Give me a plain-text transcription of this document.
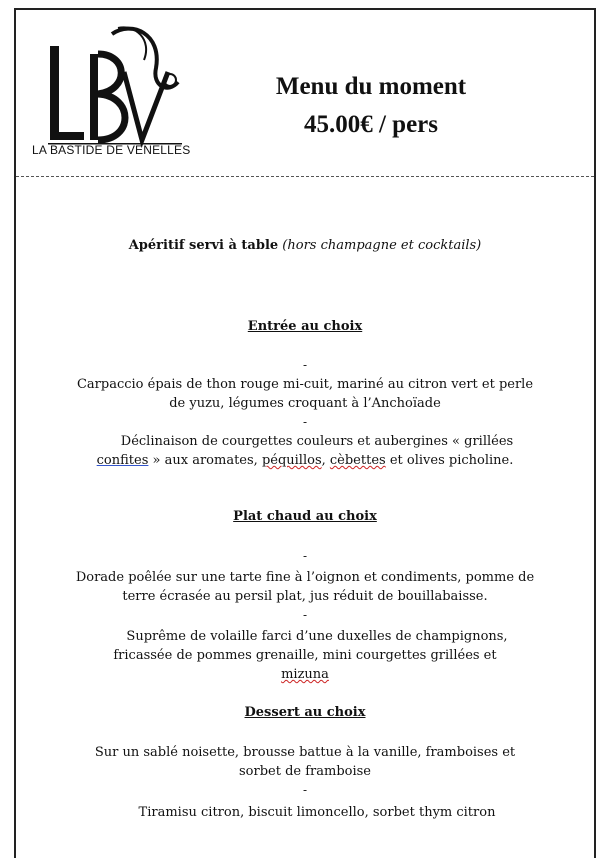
LA BASTIDE DE VENELLES
Menu du moment
45.00€ / pers
Apéritif servi à table (hors champagne et cocktails)
Entrée au choix
-
Carpaccio épais de thon rouge mi-cuit, mariné au citron vert et perle
de yuzu, légumes croquant à l’Anchoïade
-
Déclinaison de courgettes couleurs et aubergines « grillées
confites » aux aromates, péquillos, cèbettes et olives picholine.
Plat chaud au choix
-
Dorade poêlée sur une tarte fine à l’oignon et condiments, pomme de
terre écrasée au persil plat, jus réduit de bouillabaisse.
-
Suprême de volaille farci d’une duxelles de champignons,
fricassée de pommes grenaille, mini courgettes grillées et
mizuna
Dessert au choix
Sur un sablé noisette, brousse battue à la vanille, framboises et
sorbet de framboise
-
Tiramisu citron, biscuit limoncello, sorbet thym citron
